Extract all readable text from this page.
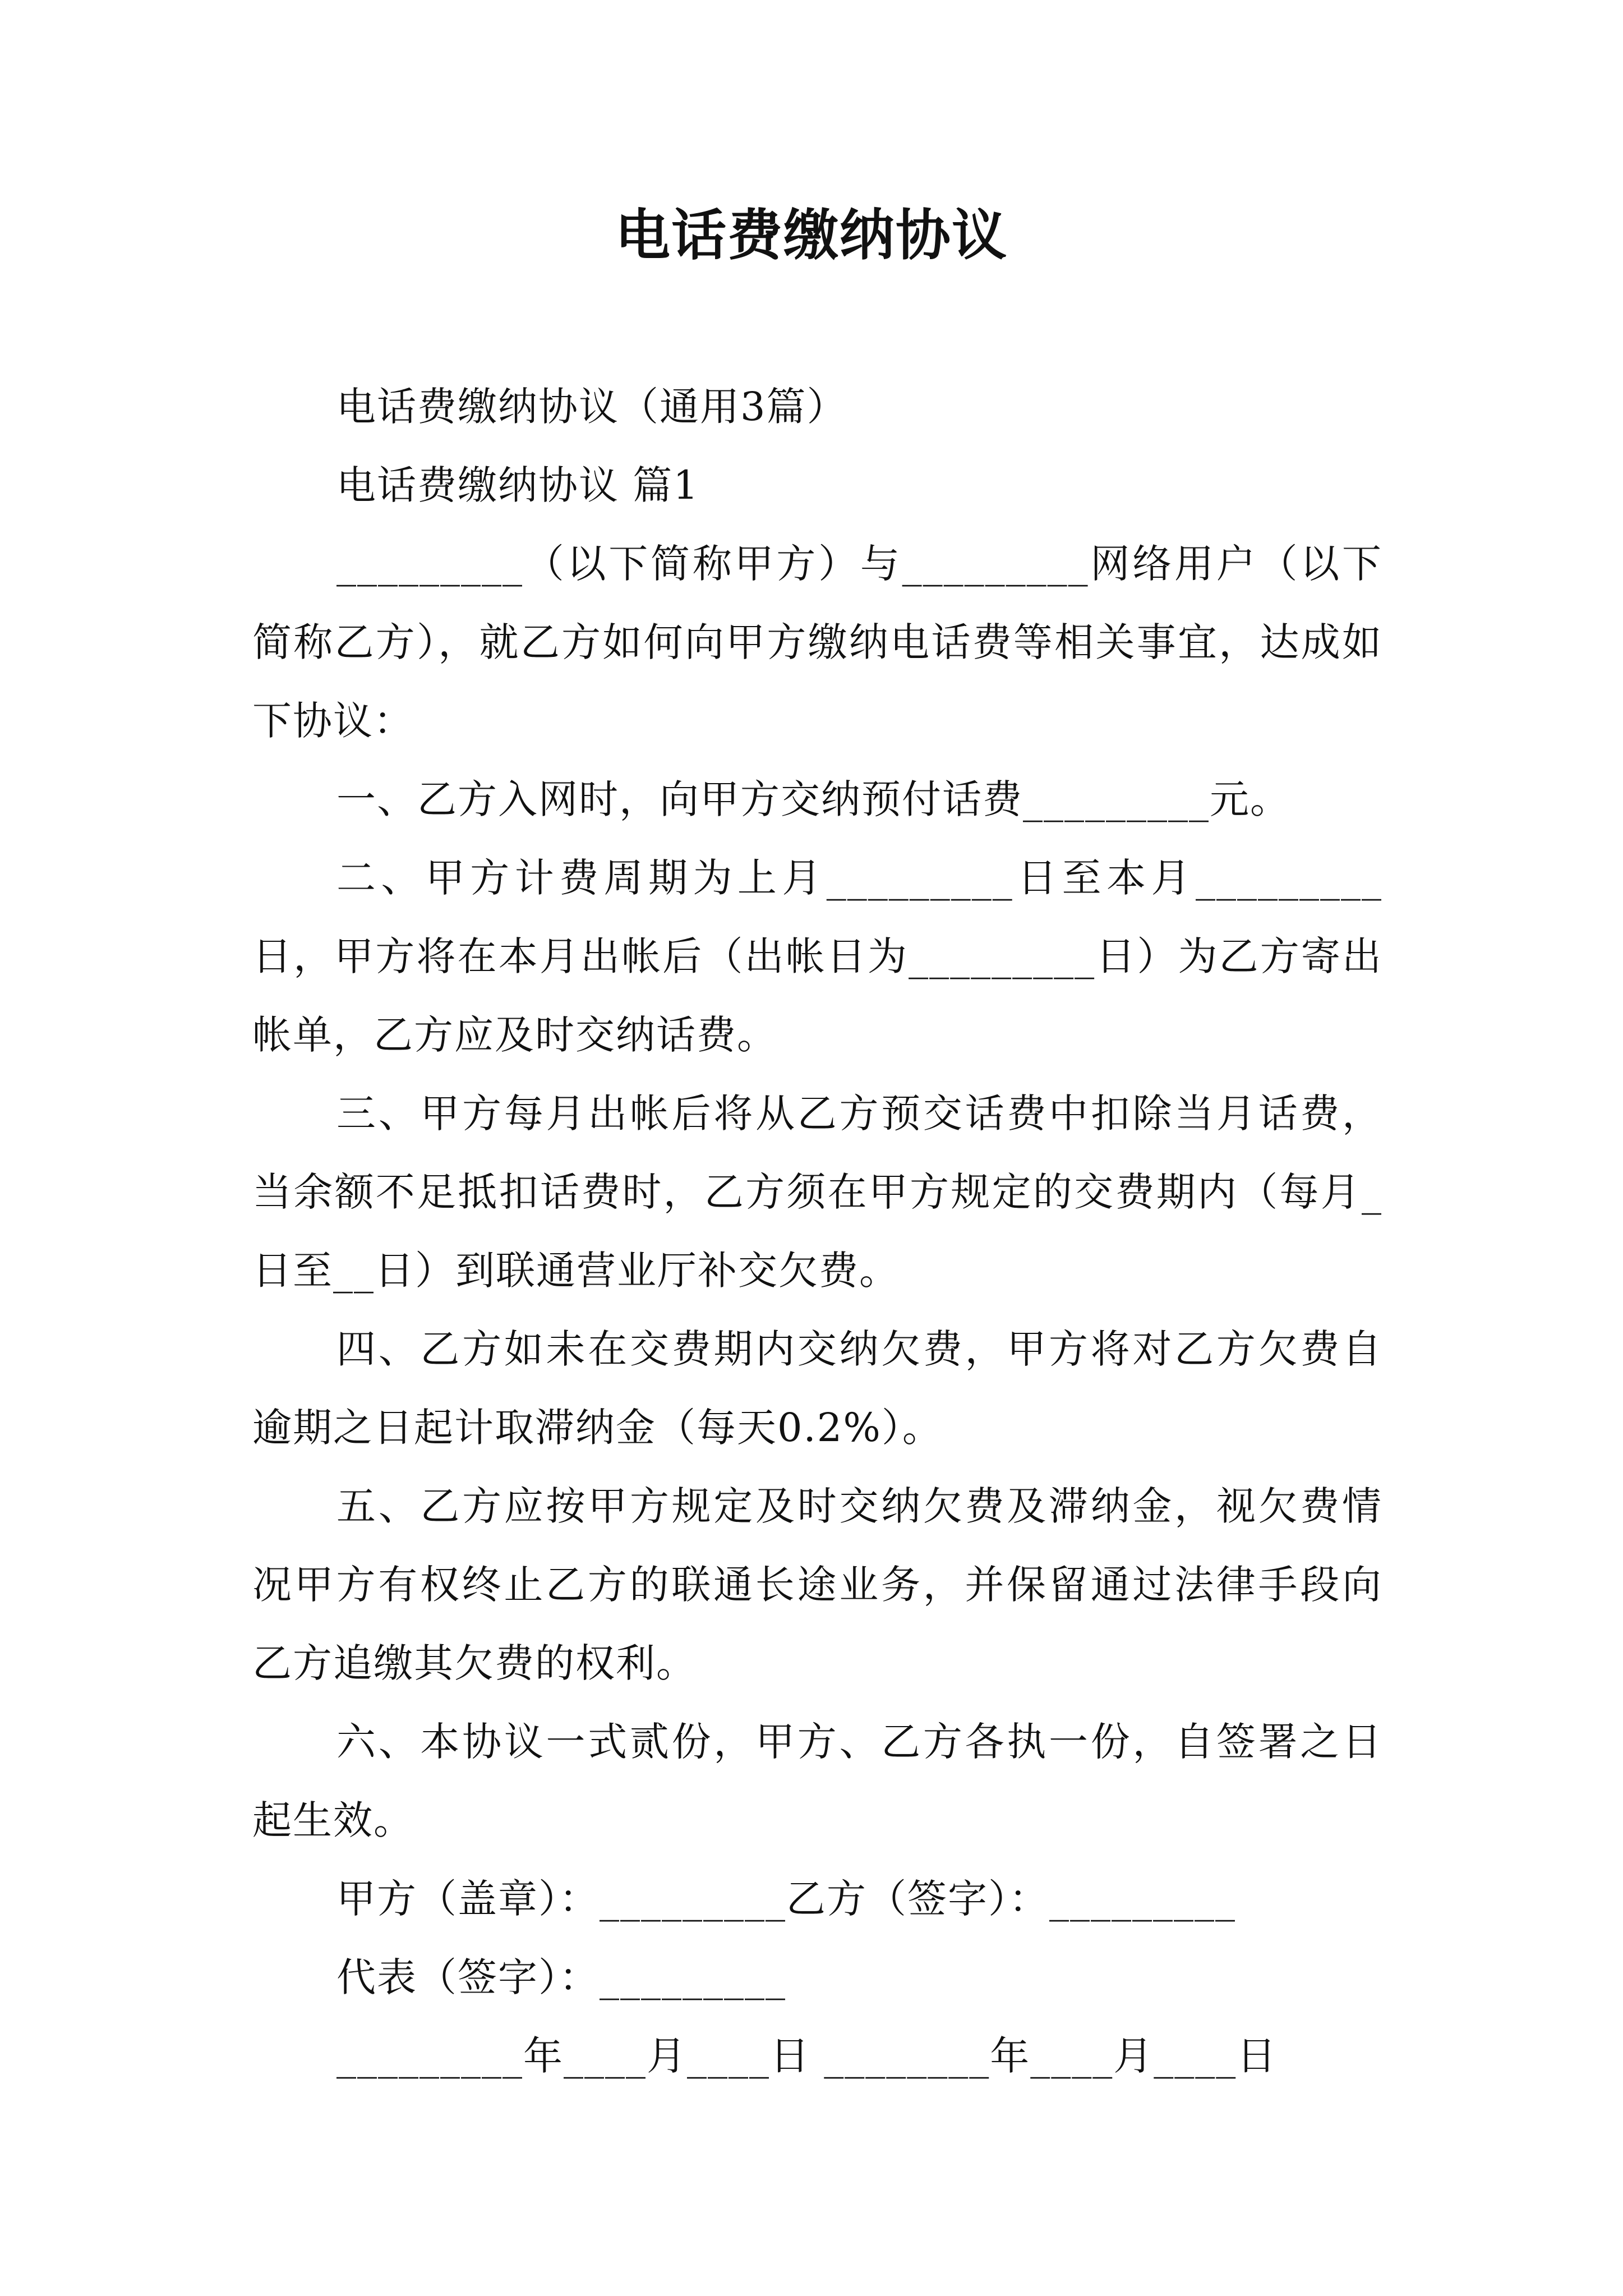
电话费缴纳协议
电话费缴纳协议（通用3篇）
电话费缴纳协议 篇1
_________（以下简称甲方）与_________网络用户（以下简称乙方），就乙方如何向甲方缴纳电话费等相关事宜，达成如下协议：
一、乙方入网时，向甲方交纳预付话费_________元。
二、甲方计费周期为上月_________日至本月_________日，甲方将在本月出帐后（出帐日为_________日）为乙方寄出帐单，乙方应及时交纳话费。
三、甲方每月出帐后将从乙方预交话费中扣除当月话费，当余额不足抵扣话费时，乙方须在甲方规定的交费期内（每月_日至__日）到联通营业厅补交欠费。
四、乙方如未在交费期内交纳欠费，甲方将对乙方欠费自逾期之日起计取滞纳金（每天0.2%）。
五、乙方应按甲方规定及时交纳欠费及滞纳金，视欠费情况甲方有权终止乙方的联通长途业务，并保留通过法律手段向乙方追缴其欠费的权利。
六、本协议一式贰份，甲方、乙方各执一份，自签署之日起生效。
甲方（盖章）：_________乙方（签字）：_________
代表（签字）：_________
_________年____月____日 ________年____月____日
